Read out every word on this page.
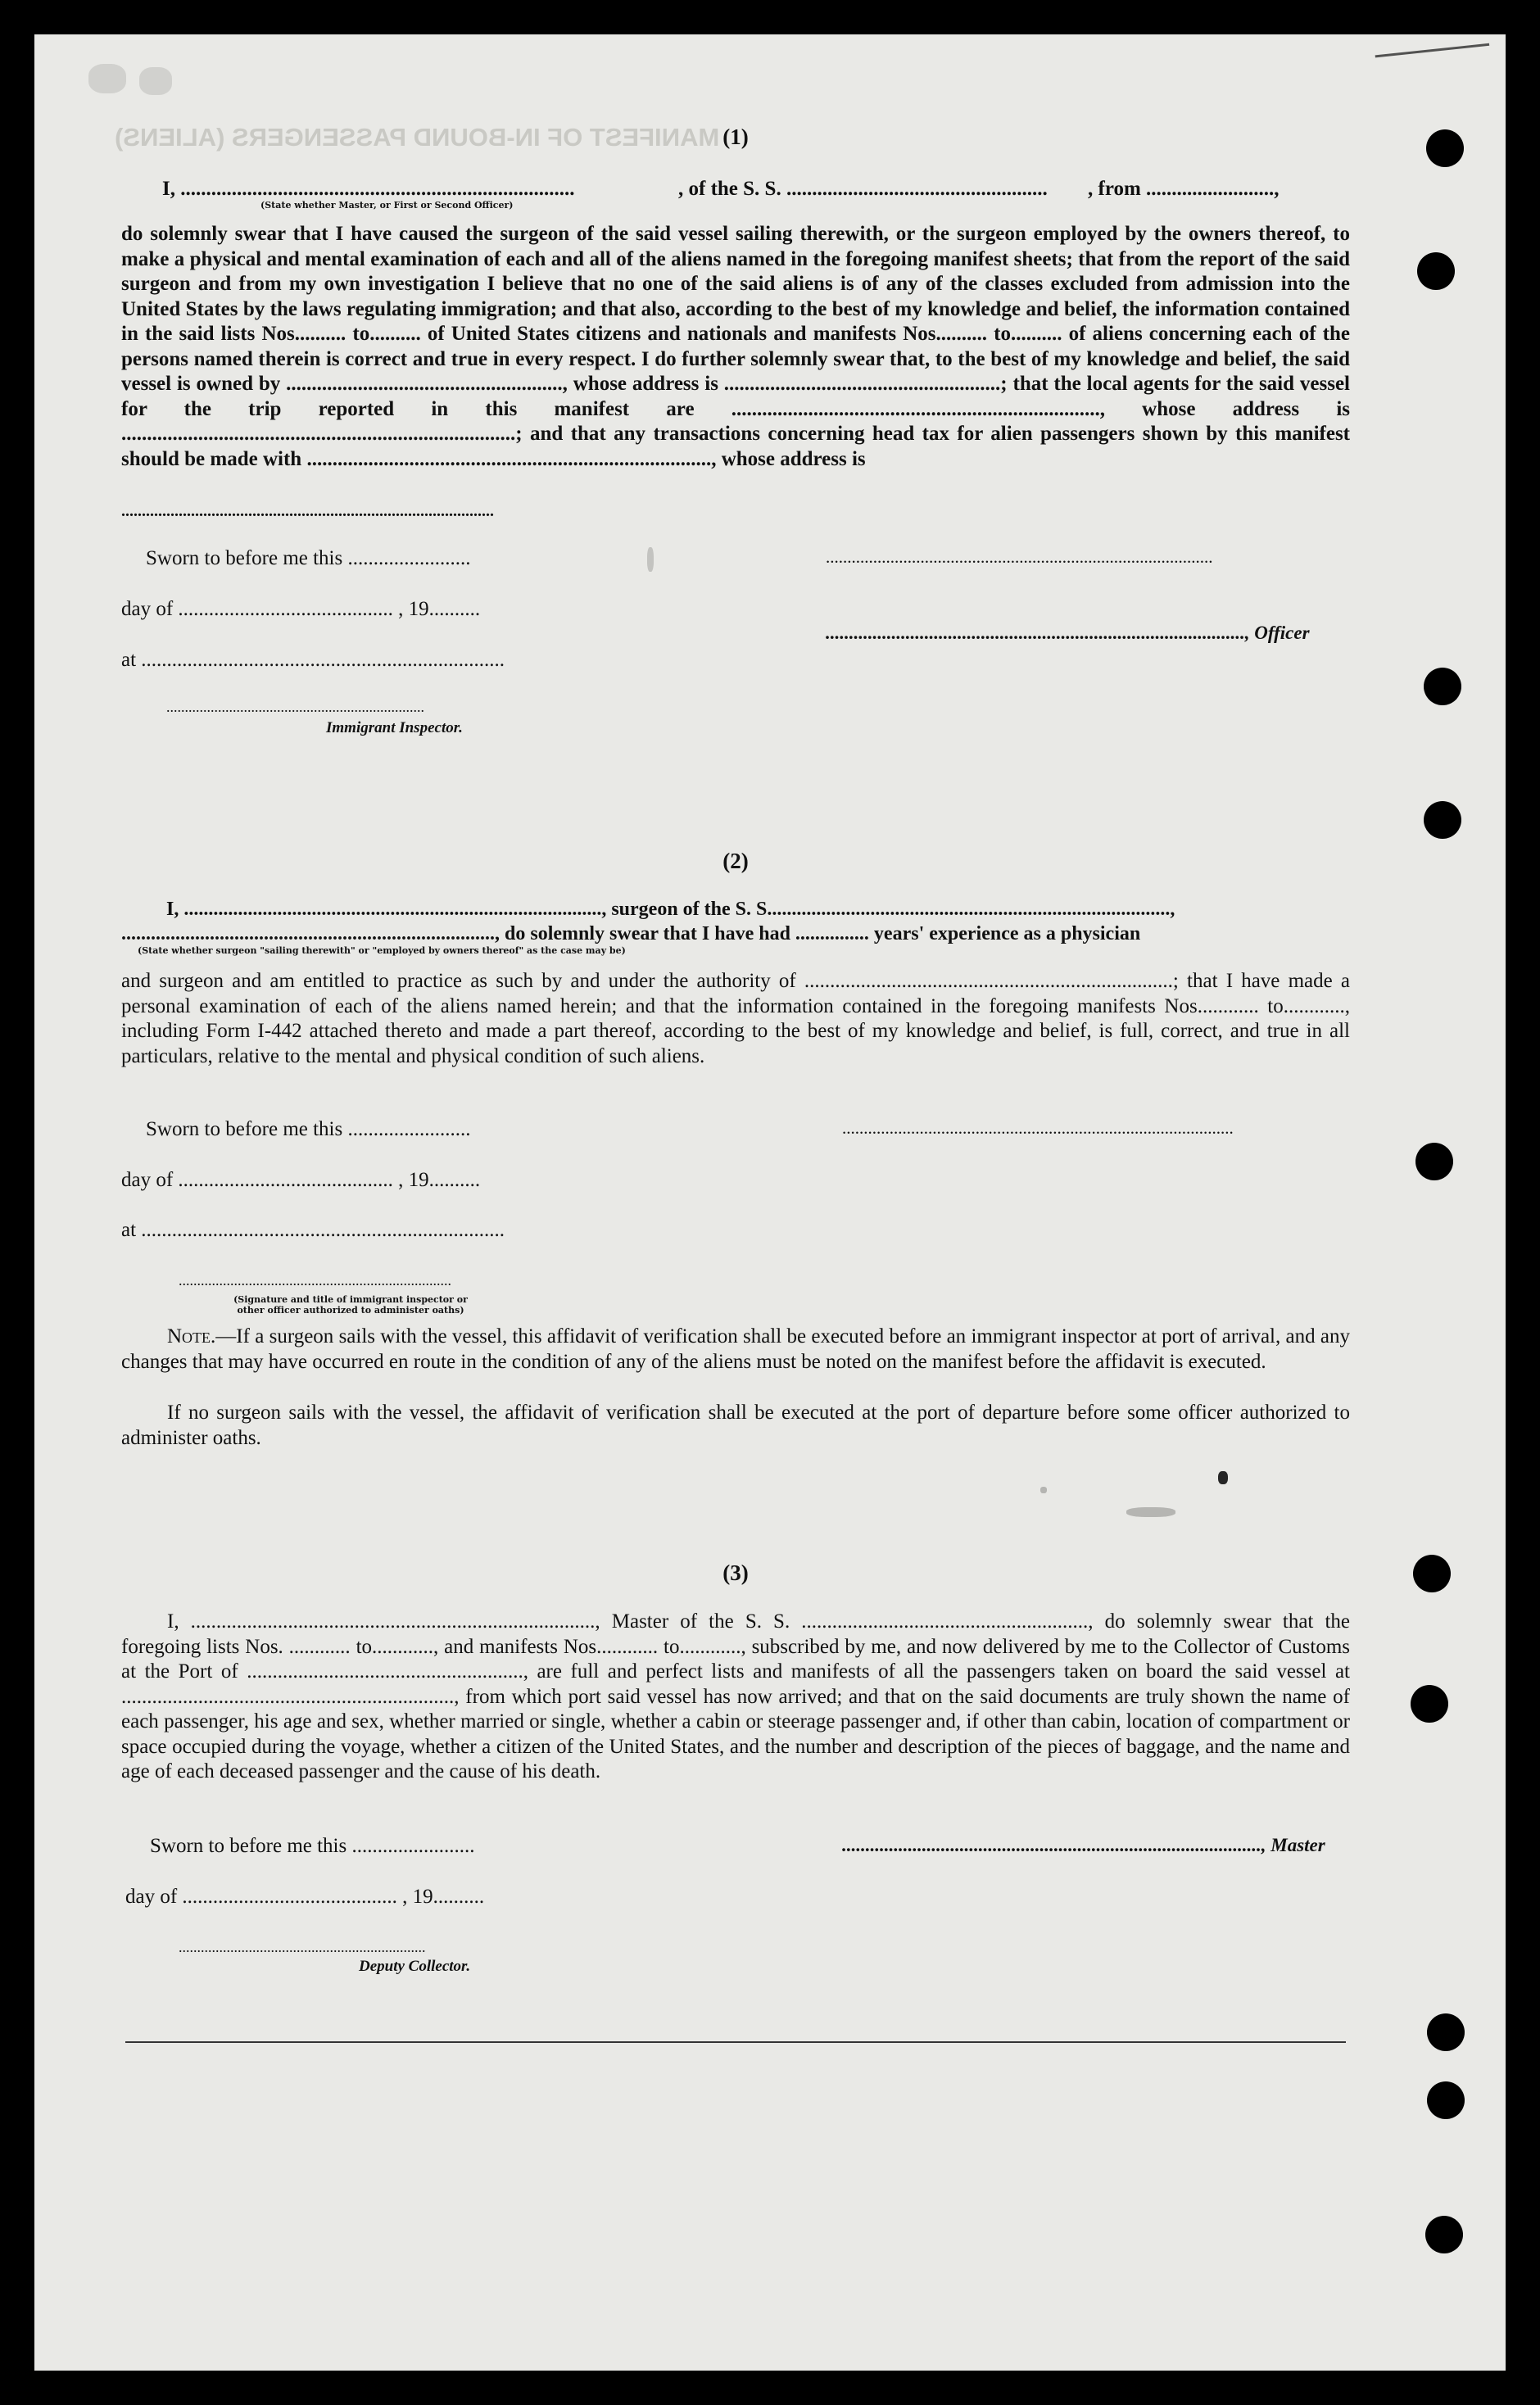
MANIFEST OF IN-BOUND PASSENGERS (ALIENS) (1)
I, .............................................................................	, of the S. S. ................................................... , from .........................,
(State whether Master, or First or Second Officer)
do solemnly swear that I have caused the surgeon of the said vessel sailing therewith, or the surgeon employed by the owners thereof, to make a physical and mental examination of each and all of the aliens named in the foregoing manifest sheets; that from the report of the said surgeon and from my own investigation I believe that no one of the said aliens is of any of the classes excluded from admission into the United States by the laws regulating immigration; and that also, according to the best of my knowledge and belief, the information contained in the said lists Nos.......... to.......... of United States citizens and nationals and manifests Nos.......... to.......... of aliens concerning each of the persons named therein is correct and true in every respect. I do further solemnly swear that, to the best of my knowledge and belief, the said vessel is owned by ......................................................, whose address is ......................................................; that the local agents for the said vessel for the trip reported in this manifest are ........................................................................, whose address is .............................................................................; and that any transactions concerning head tax for alien passengers shown by this manifest should be made with ..............................................................................., whose address is
...........................................................................................
Sworn to before me this ........................	..........................................................................................
day of .......................................... , 19..........
........................................................................................., Officer
at .......................................................................
......................................................................
Immigrant Inspector.
(2)
I, ....................................................................................., surgeon of the S. S..................................................................................,
............................................................................, do solemnly swear that I have had ............... years' experience as a physician
(State whether surgeon "sailing therewith" or "employed by owners thereof" as the case may be)
and surgeon and am entitled to practice as such by and under the authority of ........................................................................; that I have made a personal examination of each of the aliens named herein; and that the information contained in the foregoing manifests Nos............ to............, including Form I-442 attached thereto and made a part thereof, according to the best of my knowledge and belief, is full, correct, and true in all particulars, relative to the mental and physical condition of such aliens.
Sworn to before me this ........................	...........................................................................................
day of .......................................... , 19..........
at .......................................................................
..........................................................................
(Signature and title of immigrant inspector or
other officer authorized to administer oaths)
Note.—If a surgeon sails with the vessel, this affidavit of verification shall be executed before an immigrant inspector at port of arrival, and any changes that may have occurred en route in the condition of any of the aliens must be noted on the manifest before the affidavit is executed.
If no surgeon sails with the vessel, the affidavit of verification shall be executed at the port of departure before some officer authorized to administer oaths.
(3)
I, ..............................................................................., Master of the S. S. ........................................................, do solemnly swear that the foregoing lists Nos. ............ to............, and manifests Nos............ to............, subscribed by me, and now delivered by me to the Collector of Customs at the Port of ......................................................, are full and perfect lists and manifests of all the passengers taken on board the said vessel at ................................................................., from which port said vessel has now arrived; and that on the said documents are truly shown the name of each passenger, his age and sex, whether married or single, whether a cabin or steerage passenger and, if other than cabin, location of compartment or space occupied during the voyage, whether a citizen of the United States, and the number and description of the pieces of baggage, and the name and age of each deceased passenger and the cause of his death.
Sworn to before me this ........................	........................................................................................., Master
day of .......................................... , 19..........
...................................................................
Deputy Collector.
